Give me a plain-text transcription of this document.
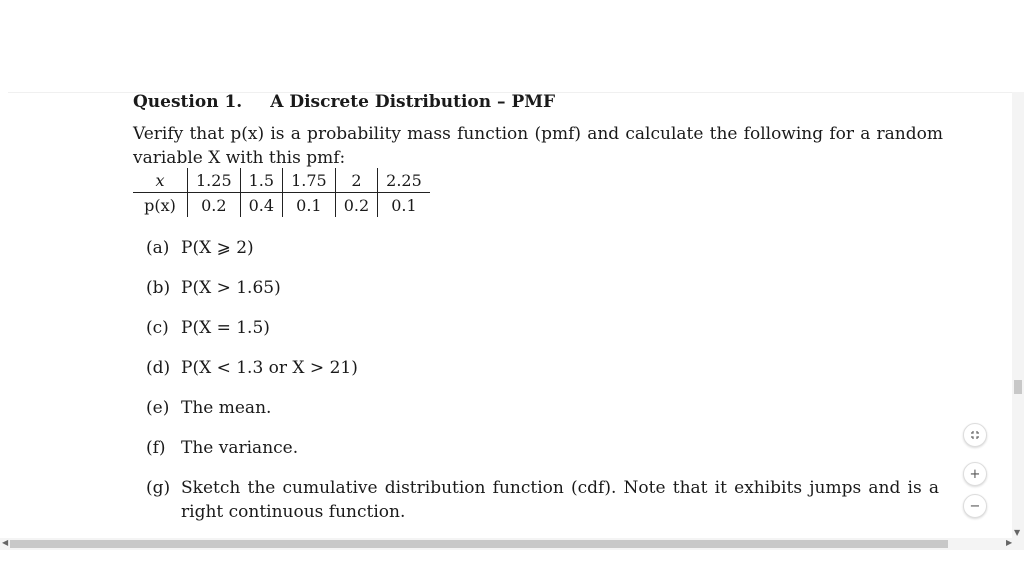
Question 1. A Discrete Distribution – PMF
Verify that p(x) is a probability mass function (pmf) and calculate the following for a random variable X with this pmf:
x	1.25	1.5	1.75	2	2.25
p(x)	0.2	0.4	0.1	0.2	0.1
(a) P(X ⩾ 2)
(b) P(X > 1.65)
(c) P(X = 1.5)
(d) P(X < 1.3 or X > 21)
(e) The mean.
(f) The variance.
(g) Sketch the cumulative distribution function (cdf). Note that it exhibits jumps and is a right continuous function.
▼
◀	▶
+
−
